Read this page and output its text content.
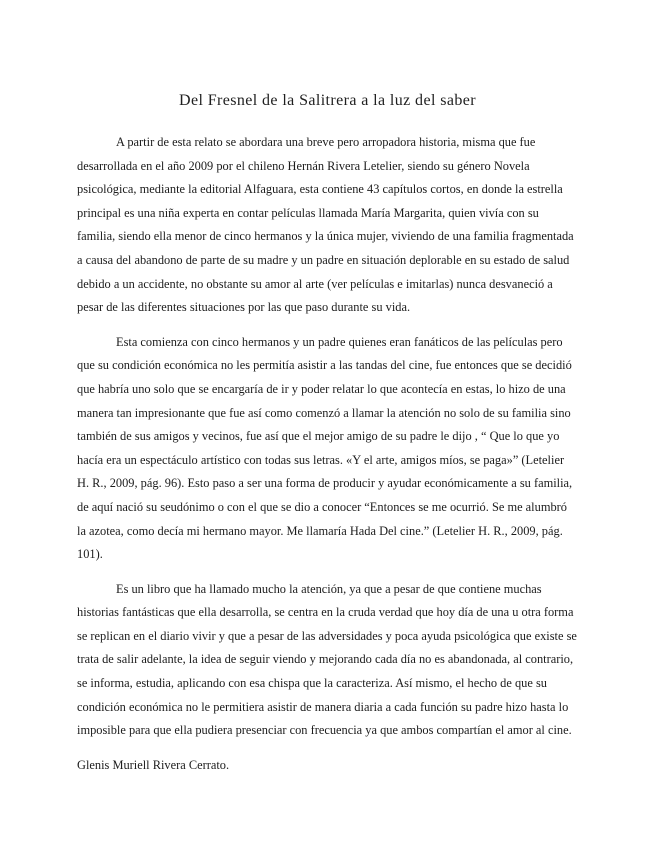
Del Fresnel de la Salitrera a la luz del saber

A partir de esta relato se abordara una breve pero arropadora historia, misma que fue desarrollada en el año 2009 por el chileno Hernán Rivera Letelier, siendo su género Novela psicológica, mediante la editorial Alfaguara, esta contiene 43 capítulos cortos, en donde la estrella principal es una niña experta en contar películas llamada María Margarita, quien vivía con su familia, siendo ella menor de cinco hermanos y la única mujer, viviendo de una familia fragmentada a causa del abandono de parte de su madre y un padre en situación deplorable en su estado de salud debido a un accidente, no obstante su amor al arte (ver películas e imitarlas) nunca desvaneció a pesar de las diferentes situaciones por las que paso durante su vida.

Esta comienza con cinco hermanos y un padre quienes eran fanáticos de las películas pero que su condición económica no les permitía asistir a las tandas del cine, fue entonces que se decidió que habría uno solo que se encargaría de ir y poder relatar lo que acontecía en estas, lo hizo de una manera tan impresionante que fue así como comenzó a llamar la atención no solo de su familia sino también de sus amigos y vecinos, fue así que el mejor amigo de su padre le dijo , “ Que lo que yo hacía era un espectáculo artístico con todas sus letras. «Y el arte, amigos míos, se paga»” (Letelier H. R., 2009, pág. 96). Esto paso a ser una forma de producir y ayudar económicamente a su familia, de aquí nació su seudónimo o con el que se dio a conocer “Entonces se me ocurrió. Se me alumbró la azotea, como decía mi hermano mayor. Me llamaría Hada Del cine.” (Letelier H. R., 2009, pág. 101).

Es un libro que ha llamado mucho la atención, ya que a pesar de que contiene muchas historias fantásticas que ella desarrolla, se centra en la cruda verdad que hoy día de una u otra forma se replican en el diario vivir y que a pesar de las adversidades y poca ayuda psicológica que existe se trata de salir adelante, la idea de seguir viendo y mejorando cada día no es abandonada, al contrario, se informa, estudia, aplicando con esa chispa que la caracteriza. Así mismo, el hecho de que su condición económica no le permitiera asistir de manera diaria a cada función su padre hizo hasta lo imposible para que ella pudiera presenciar con frecuencia ya que ambos compartían el amor al cine.

Glenis Muriell Rivera Cerrato.
